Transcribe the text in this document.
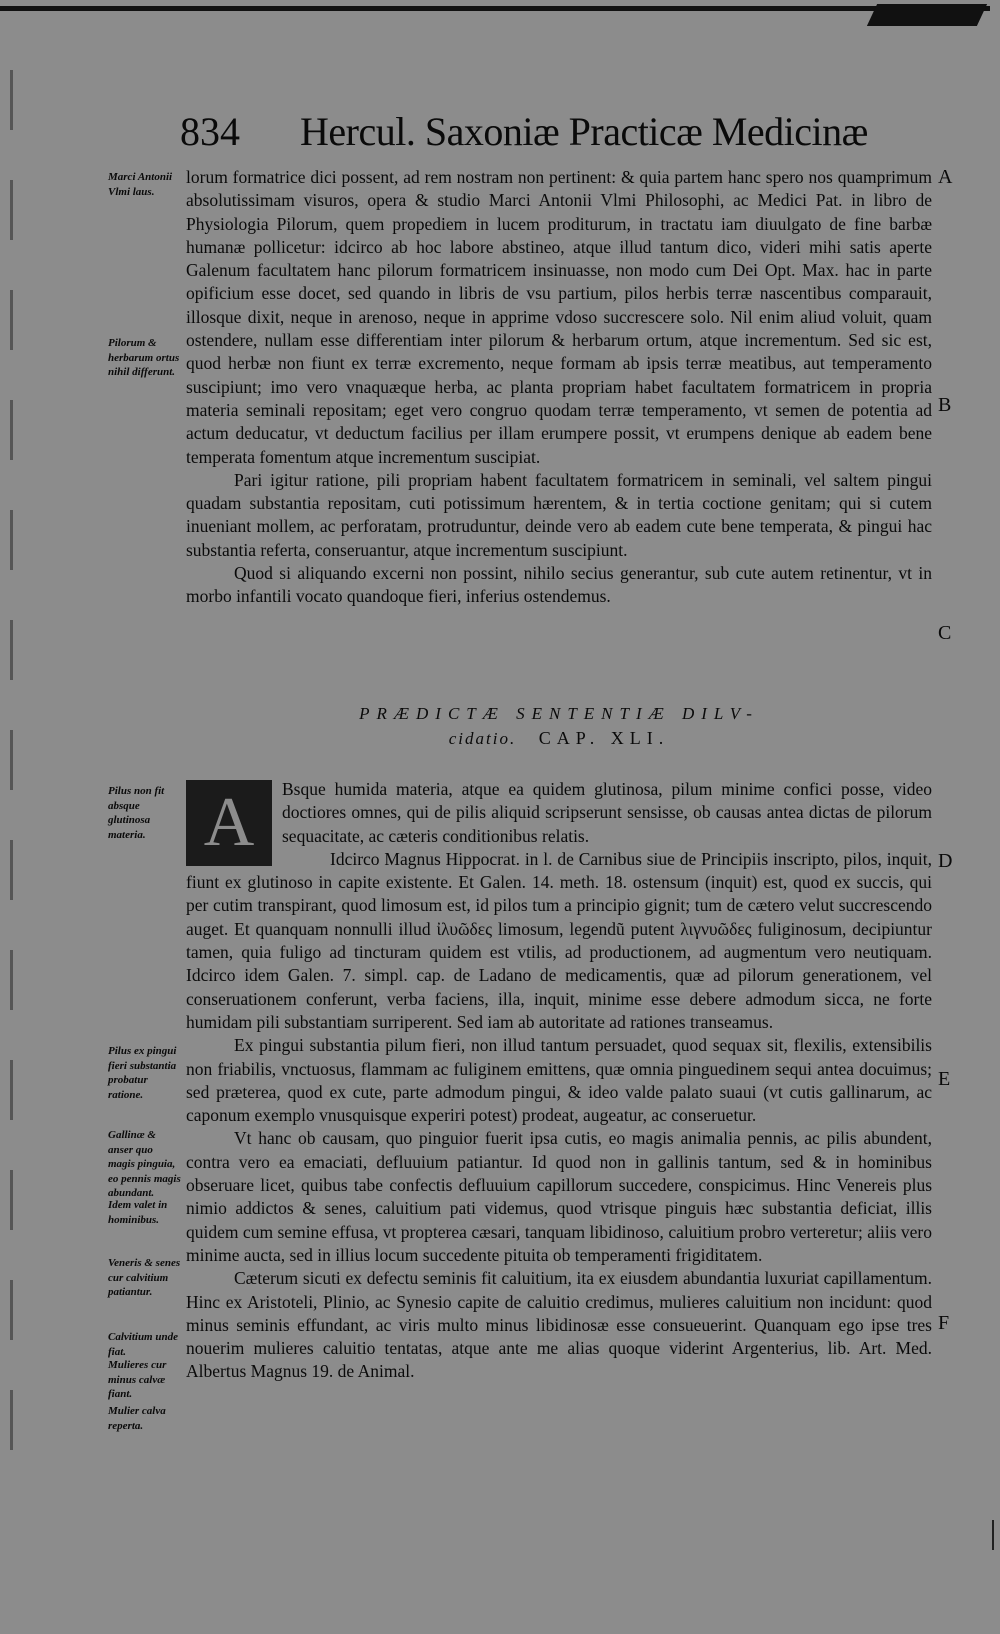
834 Hercul. Saxoniæ Practicæ Medicinæ
A
B
C
D
E
F
Marci Antonii Vlmi laus.
Pilorum & herbarum ortus nihil differunt.
Pilus non fit absque glutinosa materia.
Pilus ex pingui fieri substantia probatur ratione.
Gallinæ & anser quo magis pinguia, eo pennis magis abundant.
Idem valet in hominibus.
Veneris & senes cur calvitium patiantur.
Calvitium unde fiat.
Mulieres cur minus calvæ fiant.
Mulier calva reperta.

lorum formatrice dici possent, ad rem nostram non pertinent: & quia partem hanc spero nos quamprimum absolutissimam visuros, opera & studio Marci Antonii Vlmi Philosophi, ac Medici Pat. in libro de Physiologia Pilorum, quem propediem in lucem proditurum, in tractatu iam diuulgato de fine barbæ humanæ pollicetur: idcirco ab hoc labore abstineo, atque illud tantum dico, videri mihi satis aperte Galenum facultatem hanc pilorum formatricem insinuasse, non modo cum Dei Opt. Max. hac in parte opificium esse docet, sed quando in libris de vsu partium, pilos herbis terræ nascentibus comparauit, illosque dixit, neque in arenoso, neque in apprime vdoso succrescere solo. Nil enim aliud voluit, quam ostendere, nullam esse differentiam inter pilorum & herbarum ortum, atque incrementum. Sed sic est, quod herbæ non fiunt ex terræ excremento, neque formam ab ipsis terræ meatibus, aut temperamento suscipiunt; imo vero vnaquæque herba, ac planta propriam habet facultatem formatricem in propria materia seminali repositam; eget vero congruo quodam terræ temperamento, vt semen de potentia ad actum deducatur, vt deductum facilius per illam erumpere possit, vt erumpens denique ab eadem bene temperata fomentum atque incrementum suscipiat.

Pari igitur ratione, pili propriam habent facultatem formatricem in seminali, vel saltem pingui quadam substantia repositam, cuti potissimum hærentem, & in tertia coctione genitam; qui si cutem inueniant mollem, ac perforatam, protruduntur, deinde vero ab eadem cute bene temperata, & pingui hac substantia referta, conseruantur, atque incrementum suscipiunt.

Quod si aliquando excerni non possint, nihilo secius generantur, sub cute autem retinentur, vt in morbo infantili vocato quandoque fieri, inferius ostendemus.

PRÆDICTÆ SENTENTIÆ DILV-
cidatio. CAP. XLI.

A	Bsque humida materia, atque ea quidem glutinosa, pilum minime confici posse, video doctiores omnes, qui de pilis aliquid scripserunt sensisse, ob causas antea dictas de pilorum sequacitate, ac cæteris conditionibus relatis.

Idcirco Magnus Hippocrat. in l. de Carnibus siue de Principiis inscripto, pilos, inquit, fiunt ex glutinoso in capite existente. Et Galen. 14. meth. 18. ostensum (inquit) est, quod ex succis, qui per cutim transpirant, quod limosum est, id pilos tum a principio gignit; tum de cætero velut succrescendo auget. Et quanquam nonnulli illud ἰλυῶδες limosum, legendũ putent λιγνυῶδες fuliginosum, decipiuntur tamen, quia fuligo ad tincturam quidem est vtilis, ad productionem, ad augmentum vero neutiquam. Idcirco idem Galen. 7. simpl. cap. de Ladano de medicamentis, quæ ad pilorum generationem, vel conseruationem conferunt, verba faciens, illa, inquit, minime esse debere admodum sicca, ne forte humidam pili substantiam surriperent. Sed iam ab autoritate ad rationes transeamus.

Ex pingui substantia pilum fieri, non illud tantum persuadet, quod sequax sit, flexilis, extensibilis non friabilis, vnctuosus, flammam ac fuliginem emittens, quæ omnia pinguedinem sequi antea docuimus; sed præterea, quod ex cute, parte admodum pingui, & ideo valde palato suaui (vt cutis gallinarum, ac caponum exemplo vnusquisque experiri potest) prodeat, augeatur, ac conseruetur.

Vt hanc ob causam, quo pinguior fuerit ipsa cutis, eo magis animalia pennis, ac pilis abundent, contra vero ea emaciati, defluuium patiantur. Id quod non in gallinis tantum, sed & in hominibus obseruare licet, quibus tabe confectis defluuium capillorum succedere, conspicimus. Hinc Venereis plus nimio addictos & senes, caluitium pati videmus, quod vtrisque pinguis hæc substantia deficiat, illis quidem cum semine effusa, vt propterea cæsari, tanquam libidinoso, caluitium probro verteretur; aliis vero minime aucta, sed in illius locum succedente pituita ob temperamenti frigiditatem.

Cæterum sicuti ex defectu seminis fit caluitium, ita ex eiusdem abundantia luxuriat capillamentum. Hinc ex Aristoteli, Plinio, ac Synesio capite de caluitio credimus, mulieres caluitium non incidunt: quod minus seminis effundant, ac viris multo minus libidinosæ esse consueuerint. Quanquam ego ipse tres nouerim mulieres caluitio tentatas, atque ante me alias quoque viderint Argenterius, lib. Art. Med. Albertus Magnus 19. de Animal.
